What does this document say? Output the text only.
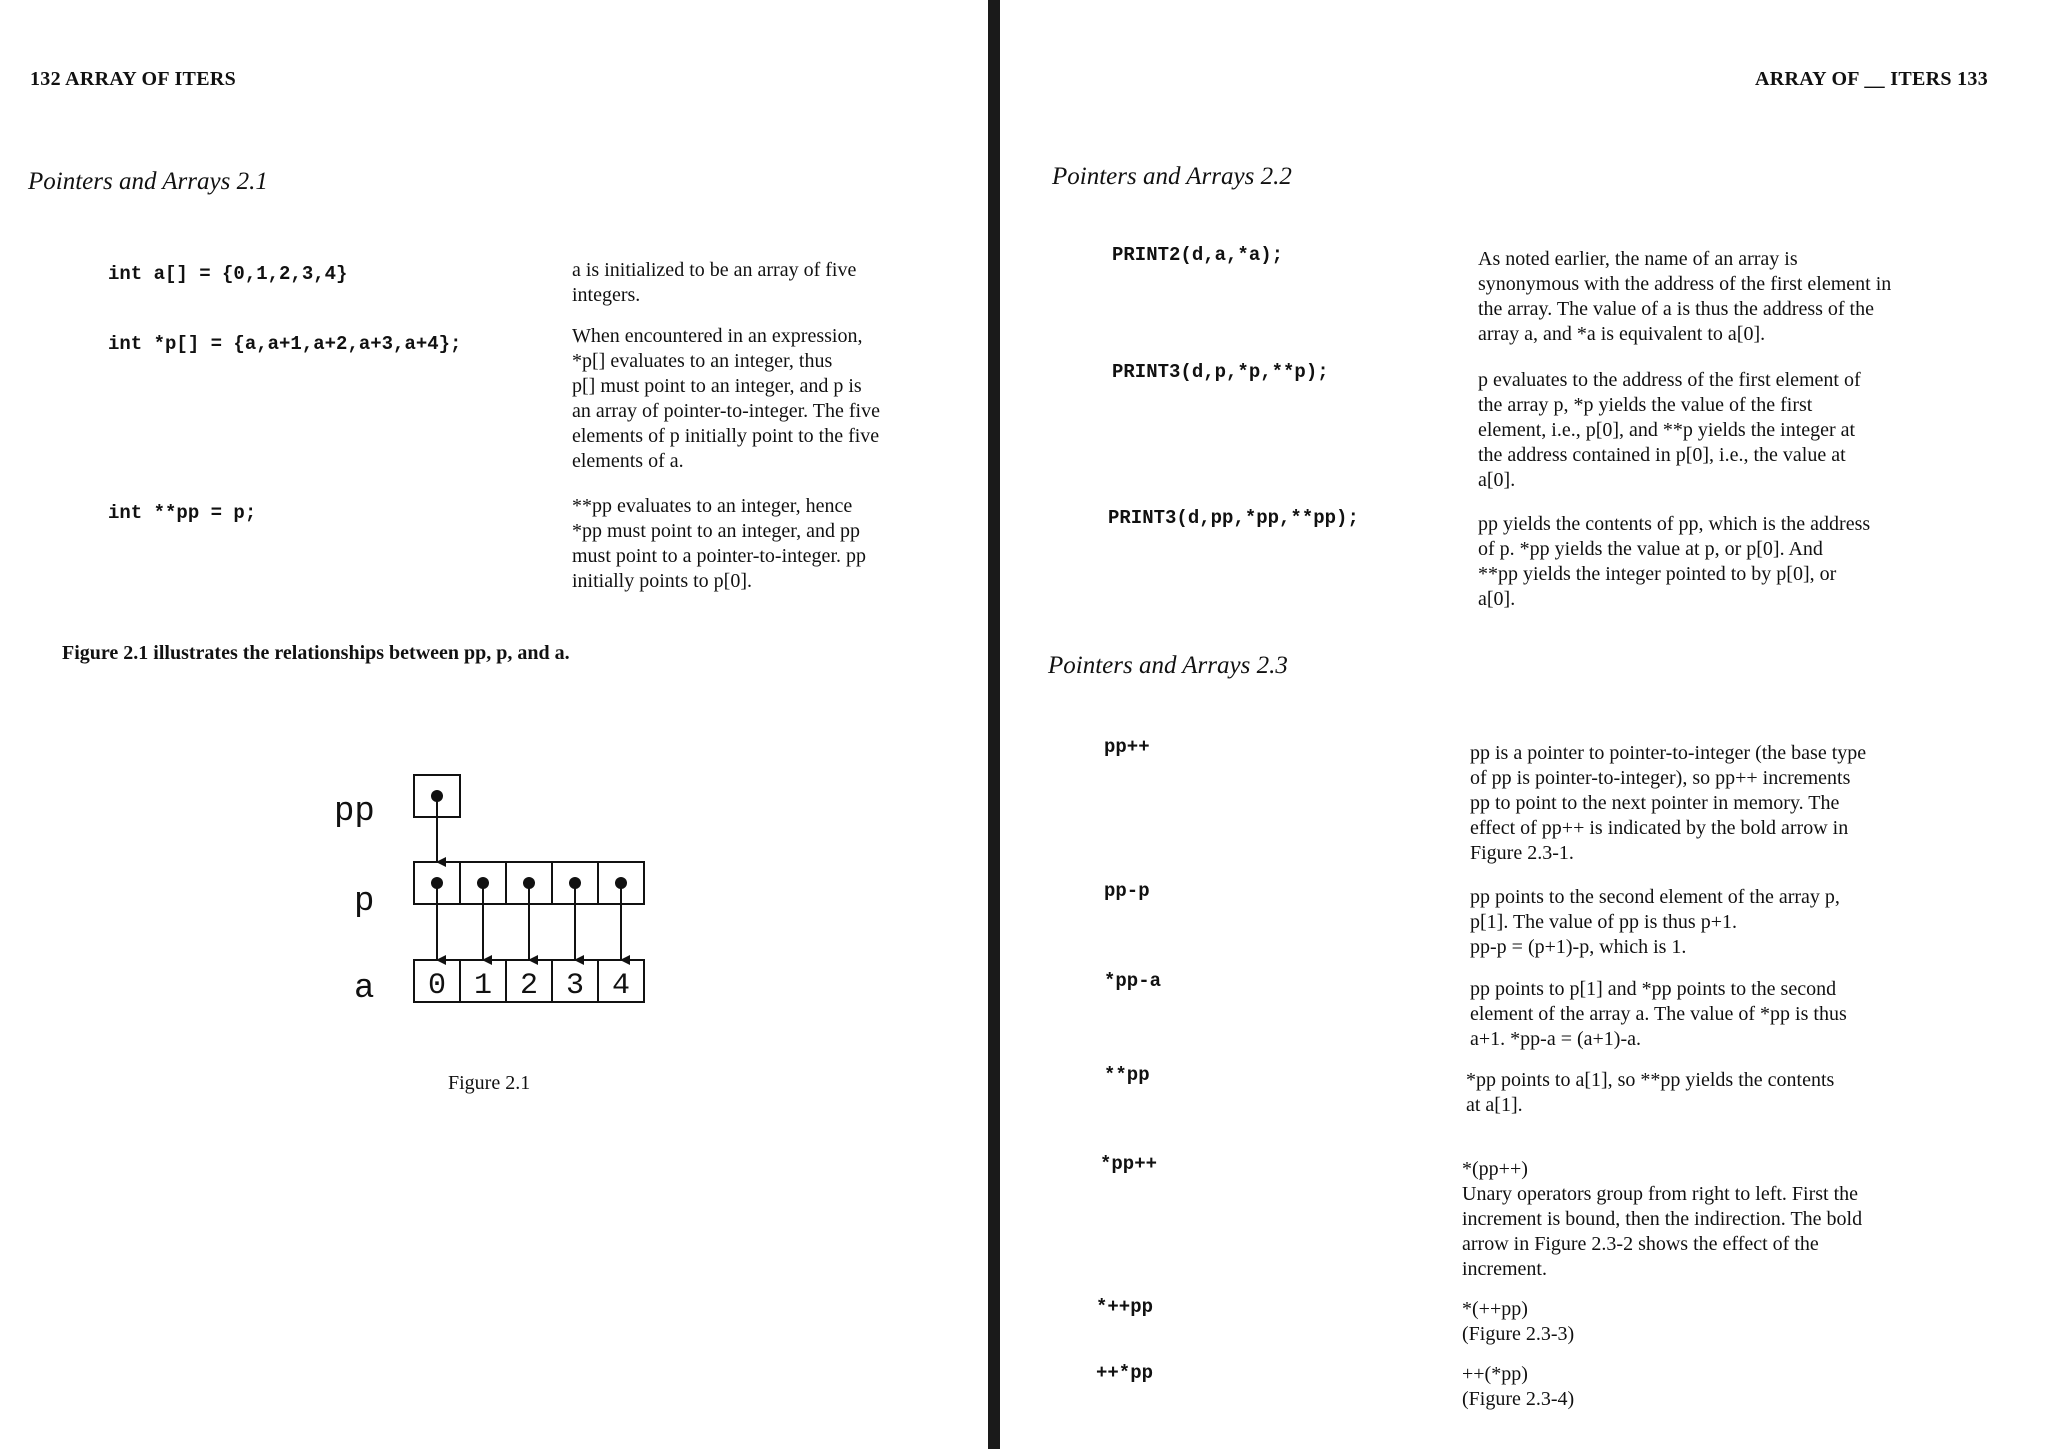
132 ARRAY OF ITERS
Pointers and Arrays 2.1
int a[] = {0,1,2,3,4}	a is initialized to be an array of five
integers.
int *p[] = {a,a+1,a+2,a+3,a+4};	When encountered in an expression,
*p[] evaluates to an integer, thus
p[] must point to an integer, and p is
an array of pointer-to-integer. The five
elements of p initially point to the five
elements of a.
int **pp = p;	**pp evaluates to an integer, hence
*pp must point to an integer, and pp
must point to a pointer-to-integer. pp
initially points to p[0].
Figure 2.1 illustrates the relationships between pp, p, and a.
pp
p
a 0 1 2 3 4
Figure 2.1
ARRAY OF __ ITERS 133
Pointers and Arrays 2.2
PRINT2(d,a,*a);	As noted earlier, the name of an array is
synonymous with the address of the first element in
the array. The value of a is thus the address of the
array a, and *a is equivalent to a[0].
PRINT3(d,p,*p,**p);	p evaluates to the address of the first element of
the array p, *p yields the value of the first
element, i.e., p[0], and **p yields the integer at
the address contained in p[0], i.e., the value at
a[0].
PRINT3(d,pp,*pp,**pp);	pp yields the contents of pp, which is the address
of p. *pp yields the value at p, or p[0]. And
**pp yields the integer pointed to by p[0], or
a[0].
Pointers and Arrays 2.3
pp++	pp is a pointer to pointer-to-integer (the base type
of pp is pointer-to-integer), so pp++ increments
pp to point to the next pointer in memory. The
effect of pp++ is indicated by the bold arrow in
Figure 2.3-1.
pp-p	pp points to the second element of the array p,
p[1]. The value of pp is thus p+1.
pp-p = (p+1)-p, which is 1.
*pp-a	pp points to p[1] and *pp points to the second
element of the array a. The value of *pp is thus
a+1. *pp-a = (a+1)-a.
**pp	*pp points to a[1], so **pp yields the contents
at a[1].
*pp++	*(pp++)
Unary operators group from right to left. First the
increment is bound, then the indirection. The bold
arrow in Figure 2.3-2 shows the effect of the
increment.
*++pp	*(++pp)
(Figure 2.3-3)
++*pp	++(*pp)
(Figure 2.3-4)
